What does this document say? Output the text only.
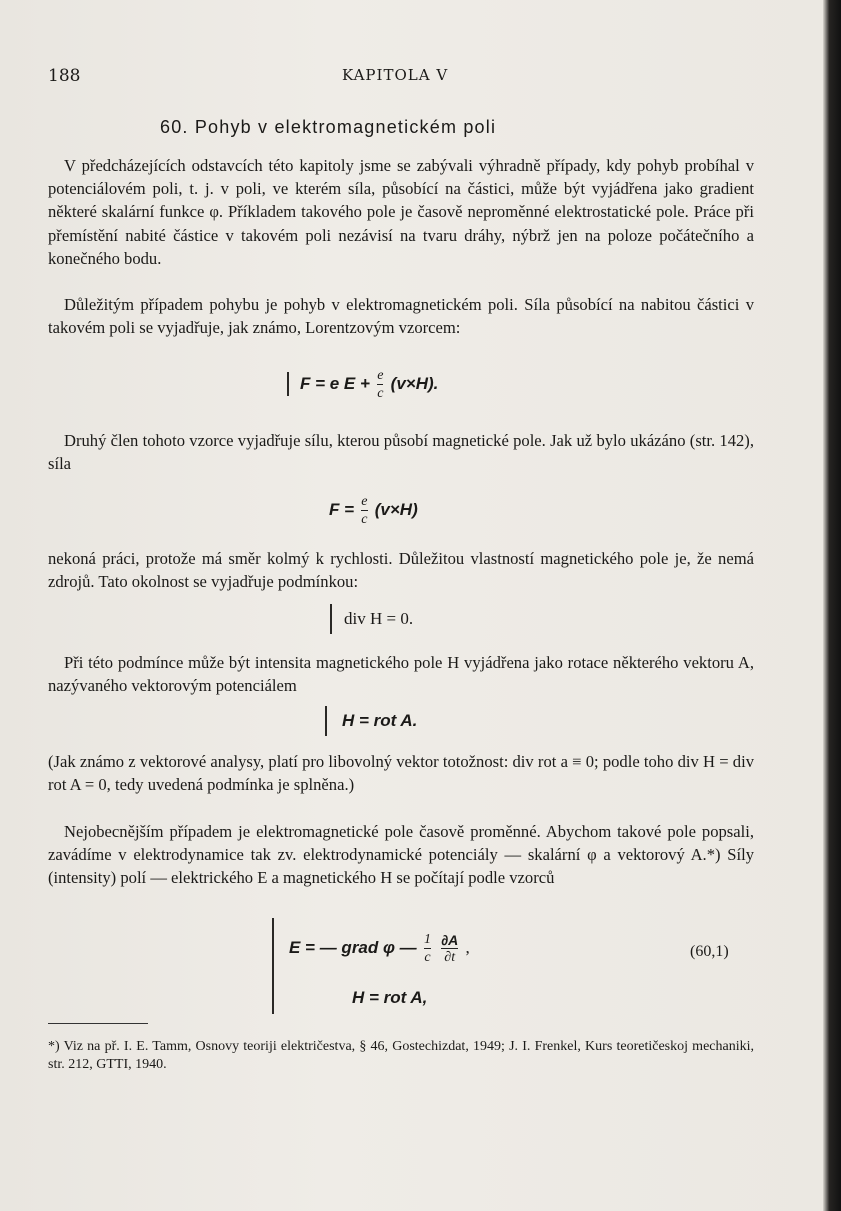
188	KAPITOLA V
60. Pohyb v elektromagnetickém poli

V předcházejících odstavcích této kapitoly jsme se zabývali výhradně případy, kdy pohyb probíhal v potenciálovém poli, t. j. v poli, ve kterém síla, působící na částici, může být vyjádřena jako gradient některé skalární funkce φ. Příkladem takového pole je časově neproměnné elektrostatické pole. Práce při přemístění nabité částice v takovém poli nezávisí na tvaru dráhy, nýbrž jen na poloze počátečního a konečného bodu.

Důležitým případem pohybu je pohyb v elektromagnetickém poli. Síla působící na nabitou částici v takovém poli se vyjadřuje, jak známo, Lorentzovým vzorcem:

F = e $E + \frac{e}{c} (v\times H)$.

Druhý člen tohoto vzorce vyjadřuje sílu, kterou působí magnetické pole. Jak už bylo ukázáno (str. 142), síla

$F = \frac{e}{c} (v\times H)$

nekoná práci, protože má směr kolmý k rychlosti. Důležitou vlastností magnetického pole je, že nemá zdrojů. Tato okolnost se vyjadřuje podmínkou:

div H = 0.

Při této podmínce může být intensita magnetického pole H vyjádřena jako rotace některého vektoru A, nazývaného vektorovým potenciálem

H = rot A.

(Jak známo z vektorové analysy, platí pro libovolný vektor totožnost: div rot a ≡ 0; podle toho div H = div rot A = 0, tedy uvedená podmínka je splněna.)

Nejobecnějším případem je elektromagnetické pole časově proměnné. Abychom takové pole popsali, zavádíme v elektrodynamice tak zv. elektrodynamické potenciály — skalární φ a vektorový A.*) Síly (intensity) polí — elektrického E a magnetického H se počítají podle vzorců

E = — grad φ — $\frac{1}{c}$
$\frac{\partial A}{\partial t}$ ,
H = rot A,
(60,1)

*) Viz na př. I. E. Tamm, Osnovy teoriji električestva, § 46, Gostechizdat, 1949; J. I. Frenkel, Kurs teoretičeskoj mechaniki, str. 212, GTTI, 1940.
